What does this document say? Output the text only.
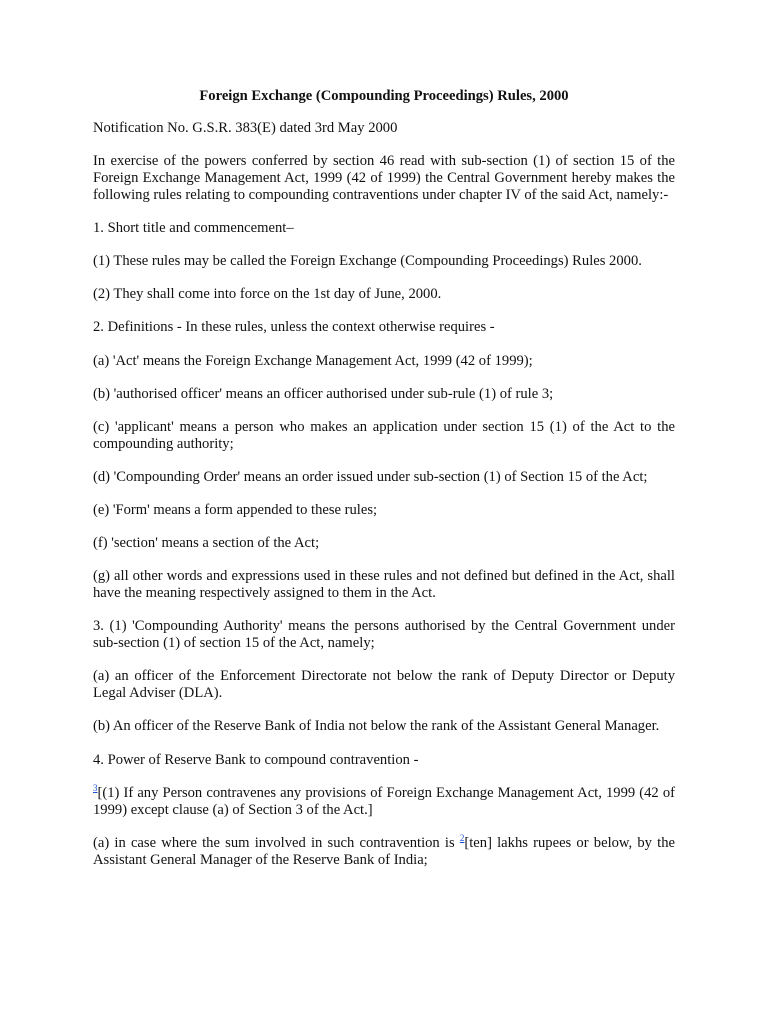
Foreign Exchange (Compounding Proceedings) Rules, 2000

Notification No. G.S.R. 383(E) dated 3rd May 2000

In exercise of the powers conferred by section 46 read with sub-section (1) of section 15 of the Foreign Exchange Management Act, 1999 (42 of 1999) the Central Government hereby makes the following rules relating to compounding contraventions under chapter IV of the said Act, namely:-

1. Short title and commencement–

(1) These rules may be called the Foreign Exchange (Compounding Proceedings) Rules 2000.

(2) They shall come into force on the 1st day of June, 2000.

2. Definitions - In these rules, unless the context otherwise requires -

(a) 'Act' means the Foreign Exchange Management Act, 1999 (42 of 1999);

(b) 'authorised officer' means an officer authorised under sub-rule (1) of rule 3;

(c) 'applicant' means a person who makes an application under section 15 (1) of the Act to the compounding authority;

(d) 'Compounding Order' means an order issued under sub-section (1) of Section 15 of the Act;

(e) 'Form' means a form appended to these rules;

(f) 'section' means a section of the Act;

(g) all other words and expressions used in these rules and not defined but defined in the Act, shall have the meaning respectively assigned to them in the Act.

3. (1) 'Compounding Authority' means the persons authorised by the Central Government under sub-section (1) of section 15 of the Act, namely;

(a) an officer of the Enforcement Directorate not below the rank of Deputy Director or Deputy Legal Adviser (DLA).

(b) An officer of the Reserve Bank of India not below the rank of the Assistant General Manager.

4. Power of Reserve Bank to compound contravention -

$^3$[(1) If any Person contravenes any provisions of Foreign Exchange Management Act, 1999 (42 of 1999) except clause (a) of Section 3 of the Act.]

(a) in case where the sum involved in such contravention is $^2$[ten] lakhs rupees or below, by the Assistant General Manager of the Reserve Bank of India;
